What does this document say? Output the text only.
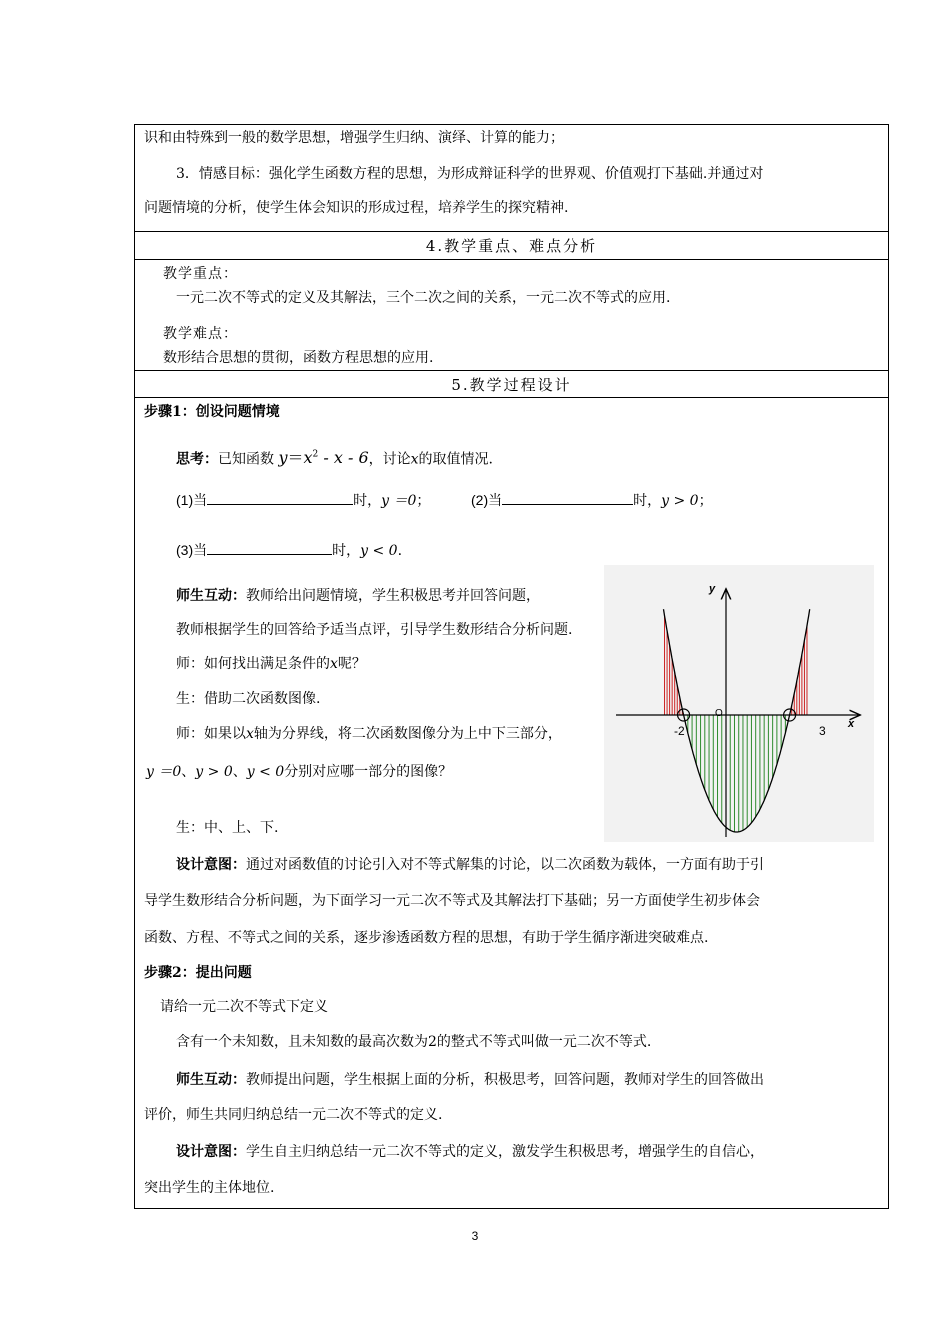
识和由特殊到一般的数学思想，增强学生归纳、演绎、计算的能力；
3．情感目标：强化学生函数方程的思想，为形成辩证科学的世界观、价值观打下基础.并通过对
问题情境的分析，使学生体会知识的形成过程，培养学生的探究精神.
4.教学重点、难点分析
教学重点：
一元二次不等式的定义及其解法，三个二次之间的关系，一元二次不等式的应用.
教学难点：
数形结合思想的贯彻，函数方程思想的应用.
5.教学过程设计
步骤1：创设问题情境
思考：已知函数 $y=x^2 - x - 6$，讨论x的取值情况.
(1)当	时，y ＝0；	(2)当	时，y > 0；
(3)当	时，y < 0.
师生互动：教师给出问题情境，学生积极思考并回答问题，
教师根据学生的回答给予适当点评，引导学生数形结合分析问题.
师：如何找出满足条件的x呢？
生：借助二次函数图像.
师：如果以x轴为分界线，将二次函数图像分为上中下三部分，
y ＝0、y > 0、y < 0分别对应哪一部分的图像？
生：中、上、下.
设计意图：通过对函数值的讨论引入对不等式解集的讨论，以二次函数为载体，一方面有助于引
导学生数形结合分析问题，为下面学习一元二次不等式及其解法打下基础；另一方面使学生初步体会
函数、方程、不等式之间的关系，逐步渗透函数方程的思想，有助于学生循序渐进突破难点.
步骤2：提出问题
请给一元二次不等式下定义
含有一个未知数，且未知数的最高次数为2的整式不等式叫做一元二次不等式.
师生互动：教师提出问题，学生根据上面的分析，积极思考，回答问题，教师对学生的回答做出
评价，师生共同归纳总结一元二次不等式的定义.
设计意图：学生自主归纳总结一元二次不等式的定义，激发学生积极思考，增强学生的自信心，
突出学生的主体地位.
y
x
O
-2	3
3
